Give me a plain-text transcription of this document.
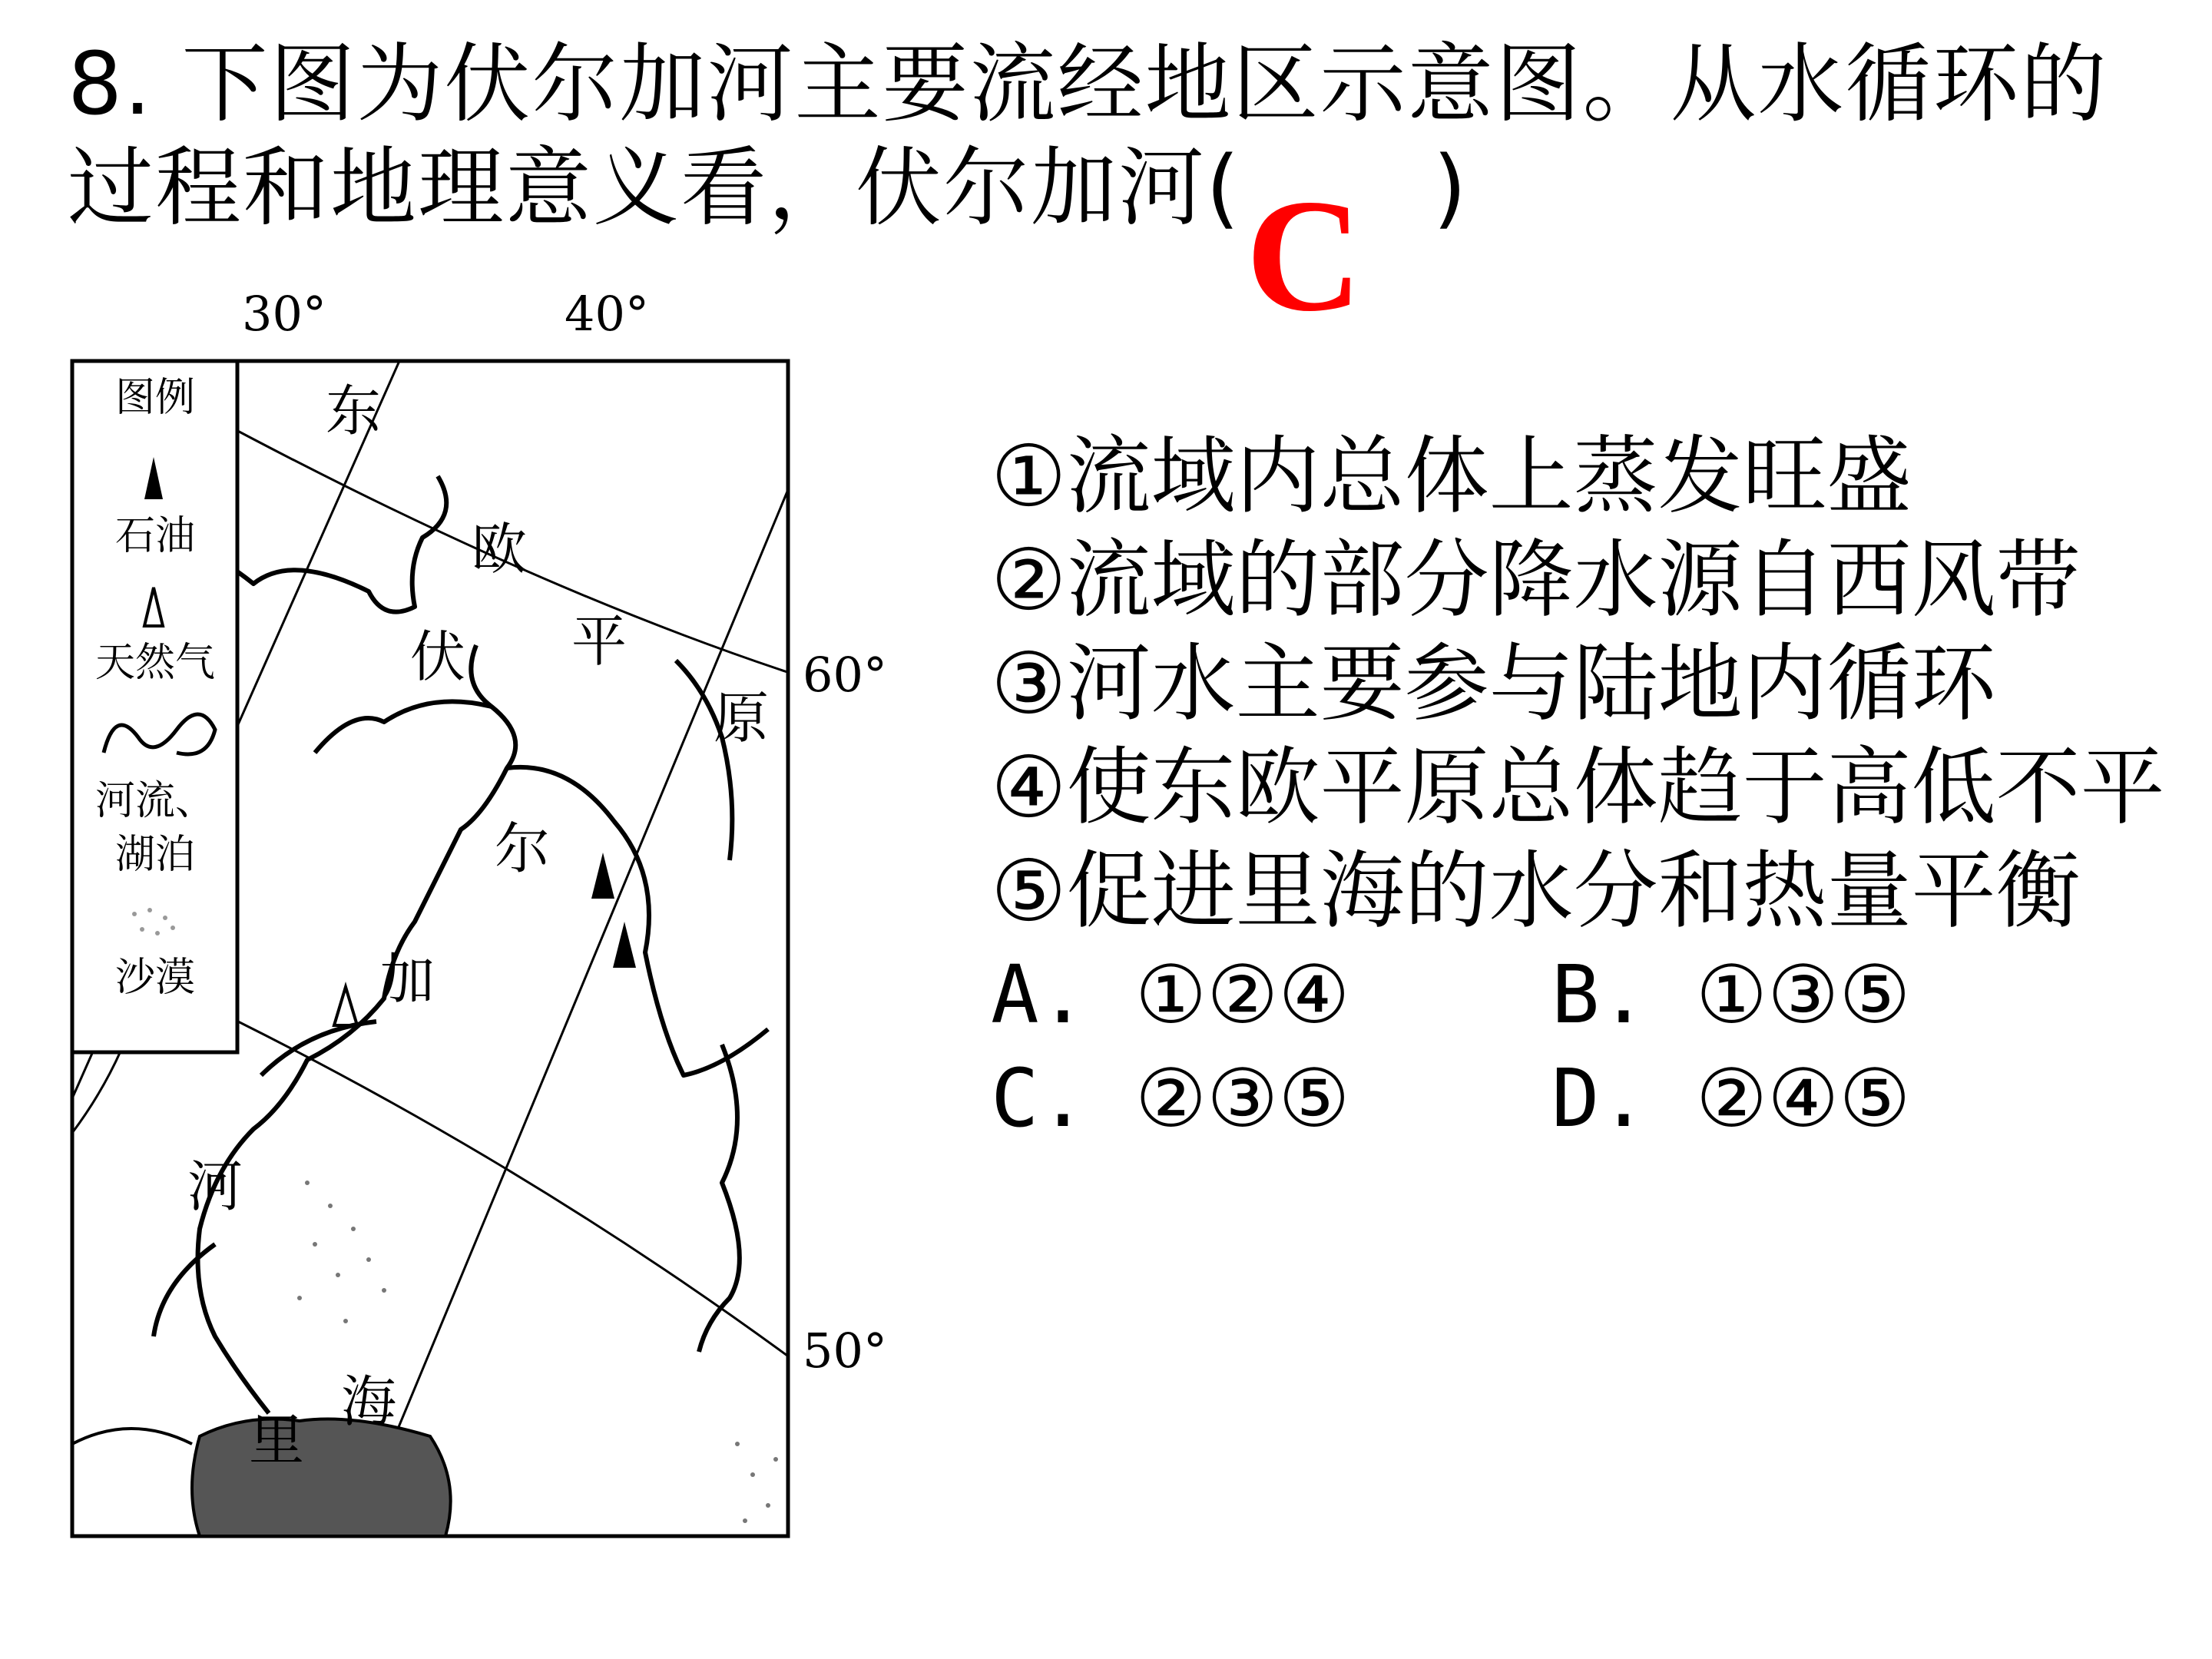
8. 下图为伏尔加河主要流经地区示意图。从水循环的
过程和地理意义看，伏尔加河( )
C
图例
石油
天然气
河流、
湖泊
沙漠
30°	40°
60°
50°
东
欧
平
原
伏
尔
加
河
里
海
①流域内总体上蒸发旺盛
②流域的部分降水源自西风带
③河水主要参与陆地内循环
④使东欧平原总体趋于高低不平
⑤促进里海的水分和热量平衡
A. ①②④	B. ①③⑤
C. ②③⑤	D. ②④⑤
